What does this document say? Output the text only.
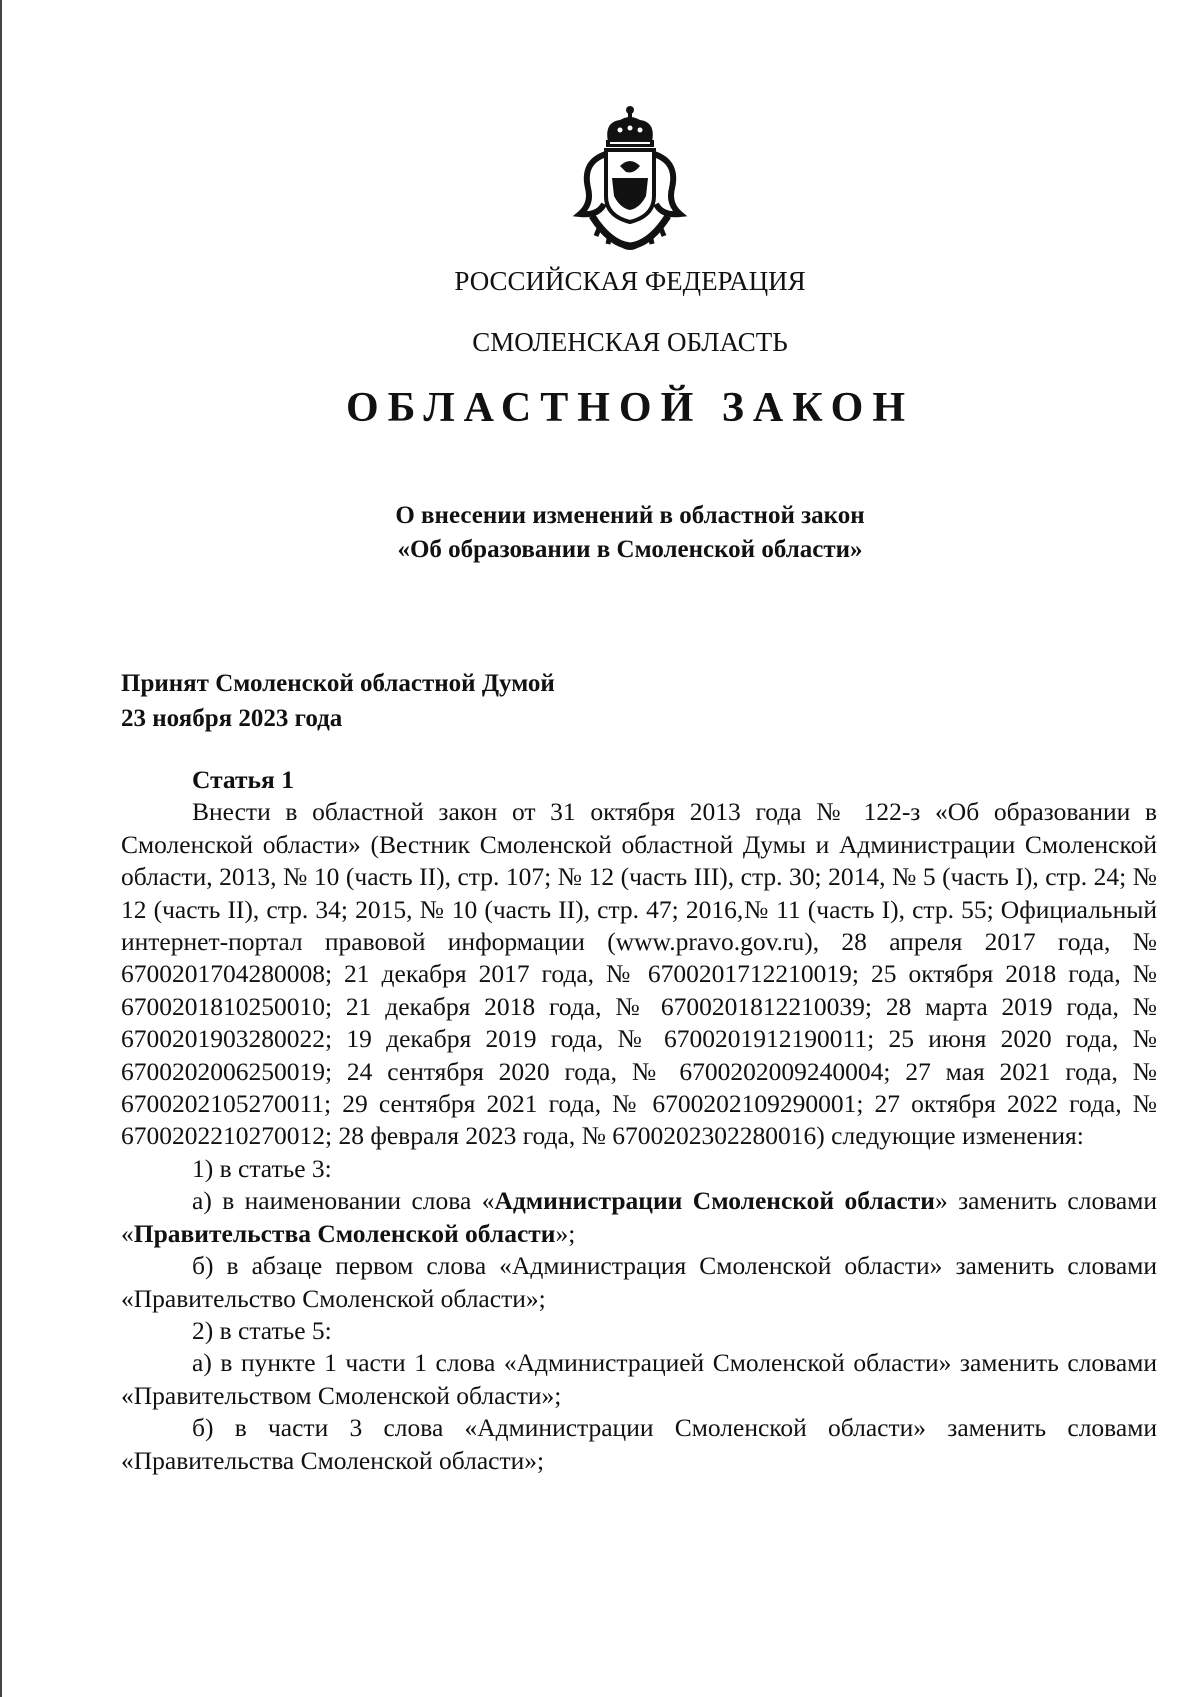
РОССИЙСКАЯ ФЕДЕРАЦИЯ
СМОЛЕНСКАЯ ОБЛАСТЬ
ОБЛАСТНОЙ ЗАКОН
О внесении изменений в областной закон
«Об образовании в Смоленской области»
Принят Смоленской областной Думой
23 ноября 2023 года
Статья 1

Внести в областной закон от 31 октября 2013 года № 122-з «Об образовании в Смоленской области» (Вестник Смоленской областной Думы и Администрации Смоленской области, 2013, № 10 (часть II), стр. 107; № 12 (часть III), стр. 30; 2014, № 5 (часть I), стр. 24; № 12 (часть II), стр. 34; 2015, № 10 (часть II), стр. 47; 2016,№ 11 (часть I), стр. 55; Официальный интернет-портал правовой информации (www.pravo.gov.ru), 28 апреля 2017 года, № 6700201704280008; 21 декабря 2017 года, № 6700201712210019; 25 октября 2018 года, № 6700201810250010; 21 декабря 2018 года, № 6700201812210039; 28 марта 2019 года, № 6700201903280022; 19 декабря 2019 года, № 6700201912190011; 25 июня 2020 года, № 6700202006250019; 24 сентября 2020 года, № 6700202009240004; 27 мая 2021 года, № 6700202105270011; 29 сентября 2021 года, № 6700202109290001; 27 октября 2022 года, № 6700202210270012; 28 февраля 2023 года, № 6700202302280016) следующие изменения:

1) в статье 3:

а) в наименовании слова «Администрации Смоленской области» заменить словами «Правительства Смоленской области»;

б) в абзаце первом слова «Администрация Смоленской области» заменить словами «Правительство Смоленской области»;

2) в статье 5:

а) в пункте 1 части 1 слова «Администрацией Смоленской области» заменить словами «Правительством Смоленской области»;

б) в части 3 слова «Администрации Смоленской области» заменить словами «Правительства Смоленской области»;
